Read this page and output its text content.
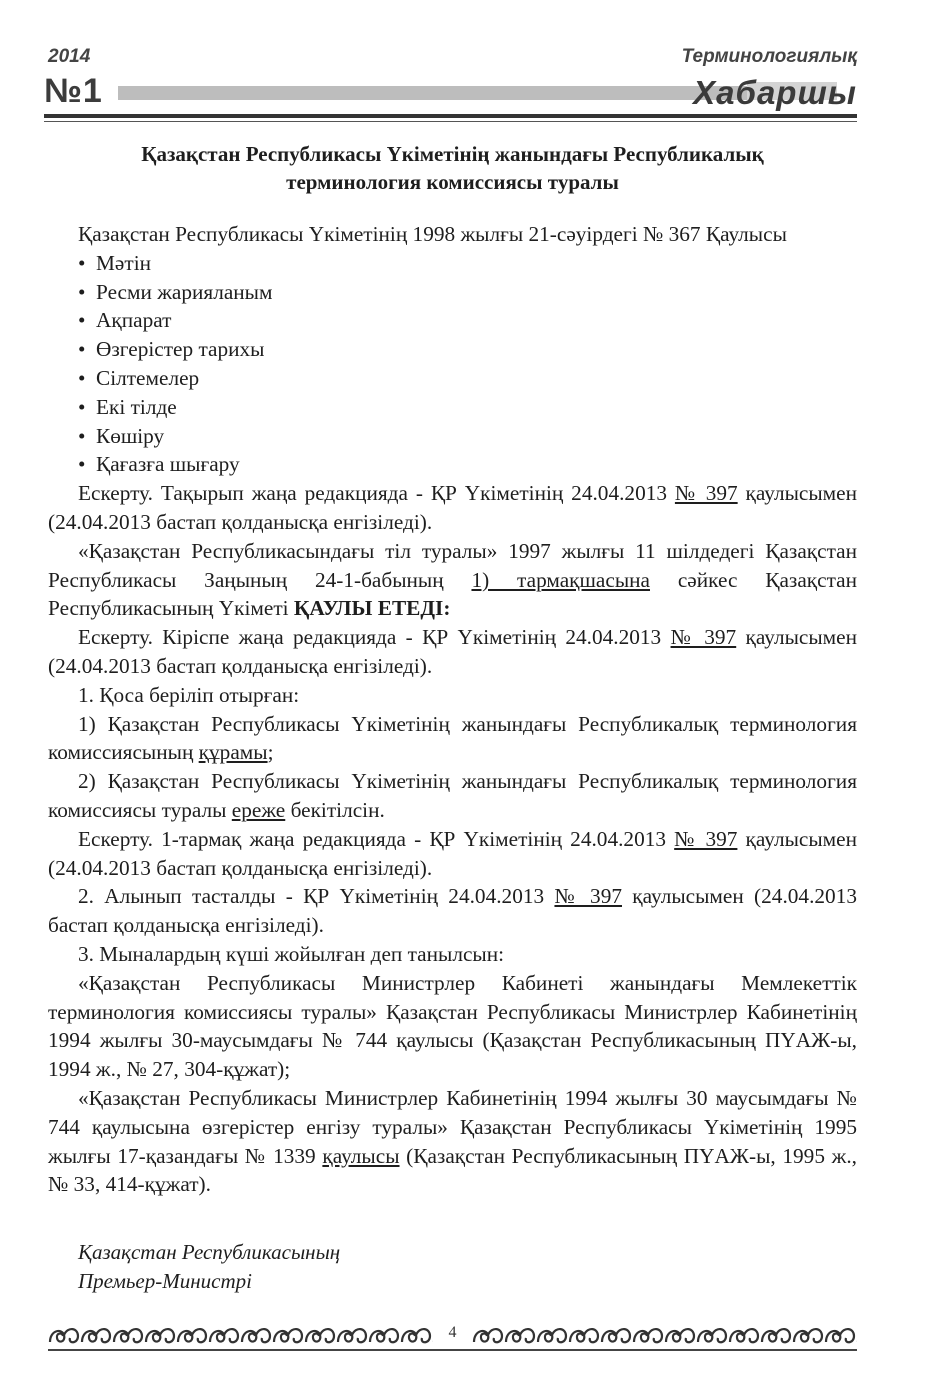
2014	Терминологиялық
№1	Хабаршы
Қазақстан Республикасы Үкіметінің жанындағы Республикалық
терминология комиссиясы туралы

Қазақстан Республикасы Үкіметінің 1998 жылғы 21-сәуірдегі № 367 Қаулысы

• Мәтін
• Ресми жарияланым
• Ақпарат
• Өзгерістер тарихы
• Сілтемелер
• Екі тілде
• Көшіру
• Қағазға шығару

Ескерту. Тақырып жаңа редакцияда - ҚР Үкіметінің 24.04.2013 № 397 қаулысымен (24.04.2013 бастап қолданысқа енгізіледі).

«Қазақстан Республикасындағы тіл туралы» 1997 жылғы 11 шілдедегі Қазақстан Республикасы Заңының 24-1-бабының 1) тармақшасына сәйкес Қазақстан Республикасының Үкіметі ҚАУЛЫ ЕТЕДІ:

Ескерту. Кіріспе жаңа редакцияда - ҚР Үкіметінің 24.04.2013 № 397 қаулысымен (24.04.2013 бастап қолданысқа енгізіледі).

1. Қоса беріліп отырған:

1) Қазақстан Республикасы Үкіметінің жанындағы Республикалық терминология комиссиясының құрамы;

2) Қазақстан Республикасы Үкіметінің жанындағы Республикалық терминология комиссиясы туралы ереже бекітілсін.

Ескерту. 1-тармақ жаңа редакцияда - ҚР Үкіметінің 24.04.2013 № 397 қаулысымен (24.04.2013 бастап қолданысқа енгізіледі).

2. Алынып тасталды - ҚР Үкіметінің 24.04.2013 № 397 қаулысымен (24.04.2013 бастап қолданысқа енгізіледі).

3. Мыналардың күші жойылған деп танылсын:

«Қазақстан Республикасы Министрлер Кабинеті жанындағы Мемлекеттік терминология комиссиясы туралы» Қазақстан Республикасы Министрлер Кабинетінің 1994 жылғы 30-маусымдағы № 744 қаулысы (Қазақстан Республикасының ПҮАЖ-ы, 1994 ж., № 27, 304-құжат);

«Қазақстан Республикасы Министрлер Кабинетінің 1994 жылғы 30 маусымдағы № 744 қаулысына өзгерістер енгізу туралы» Қазақстан Республикасы Үкіметінің 1995 жылғы 17-қазандағы № 1339 қаулысы (Қазақстан Республикасының ПҮАЖ-ы, 1995 ж., № 33, 414-құжат).

Қазақстан Республикасының
Премьер-Министрі
4
